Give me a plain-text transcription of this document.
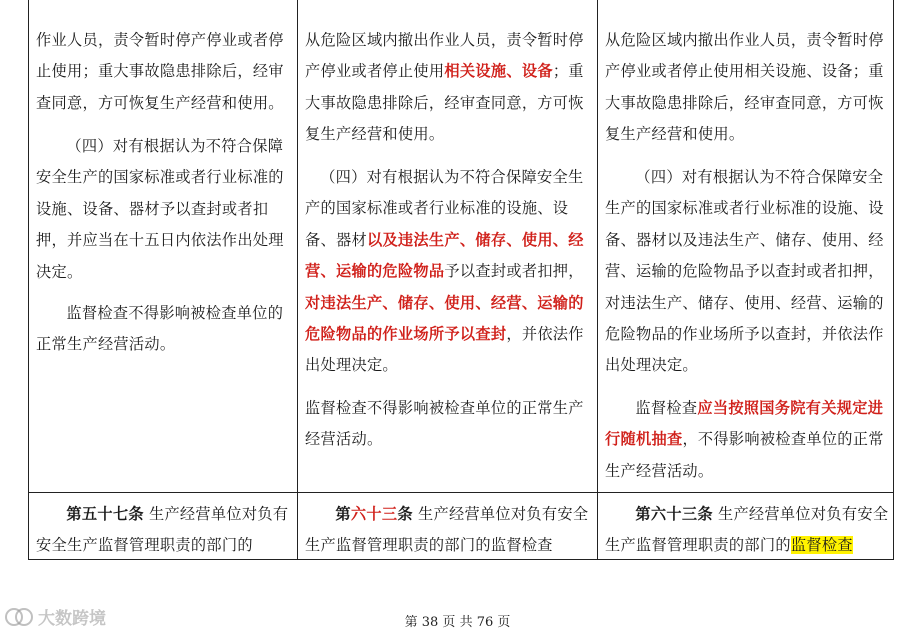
作业人员，责令暂时停产停业或者停止使用；重大事故隐患排除后，经审查同意，方可恢复生产经营和使用。

（四）对有根据认为不符合保障安全生产的国家标准或者行业标准的设施、设备、器材予以查封或者扣押，并应当在十五日内依法作出处理决定。

监督检查不得影响被检查单位的正常生产经营活动。

第五十七条 生产经营单位对负有安全生产监督管理职责的部门的

从危险区域内撤出作业人员，责令暂时停产停业或者停止使用相关设施、设备；重大事故隐患排除后，经审查同意，方可恢复生产经营和使用。

（四）对有根据认为不符合保障安全生产的国家标准或者行业标准的设施、设备、器材以及违法生产、储存、使用、经营、运输的危险物品予以查封或者扣押，对违法生产、储存、使用、经营、运输的危险物品的作业场所予以查封，并依法作出处理决定。

监督检查不得影响被检查单位的正常生产经营活动。

第六十三条 生产经营单位对负有安全生产监督管理职责的部门的监督检查

从危险区域内撤出作业人员，责令暂时停产停业或者停止使用相关设施、设备；重大事故隐患排除后，经审查同意，方可恢复生产经营和使用。

（四）对有根据认为不符合保障安全生产的国家标准或者行业标准的设施、设备、器材以及违法生产、储存、使用、经营、运输的危险物品予以查封或者扣押，对违法生产、储存、使用、经营、运输的危险物品的作业场所予以查封，并依法作出处理决定。

监督检查应当按照国务院有关规定进行随机抽查，不得影响被检查单位的正常生产经营活动。

第六十三条 生产经营单位对负有安全生产监督管理职责的部门的监督检查

大数跨境	第 38 页 共 76 页
